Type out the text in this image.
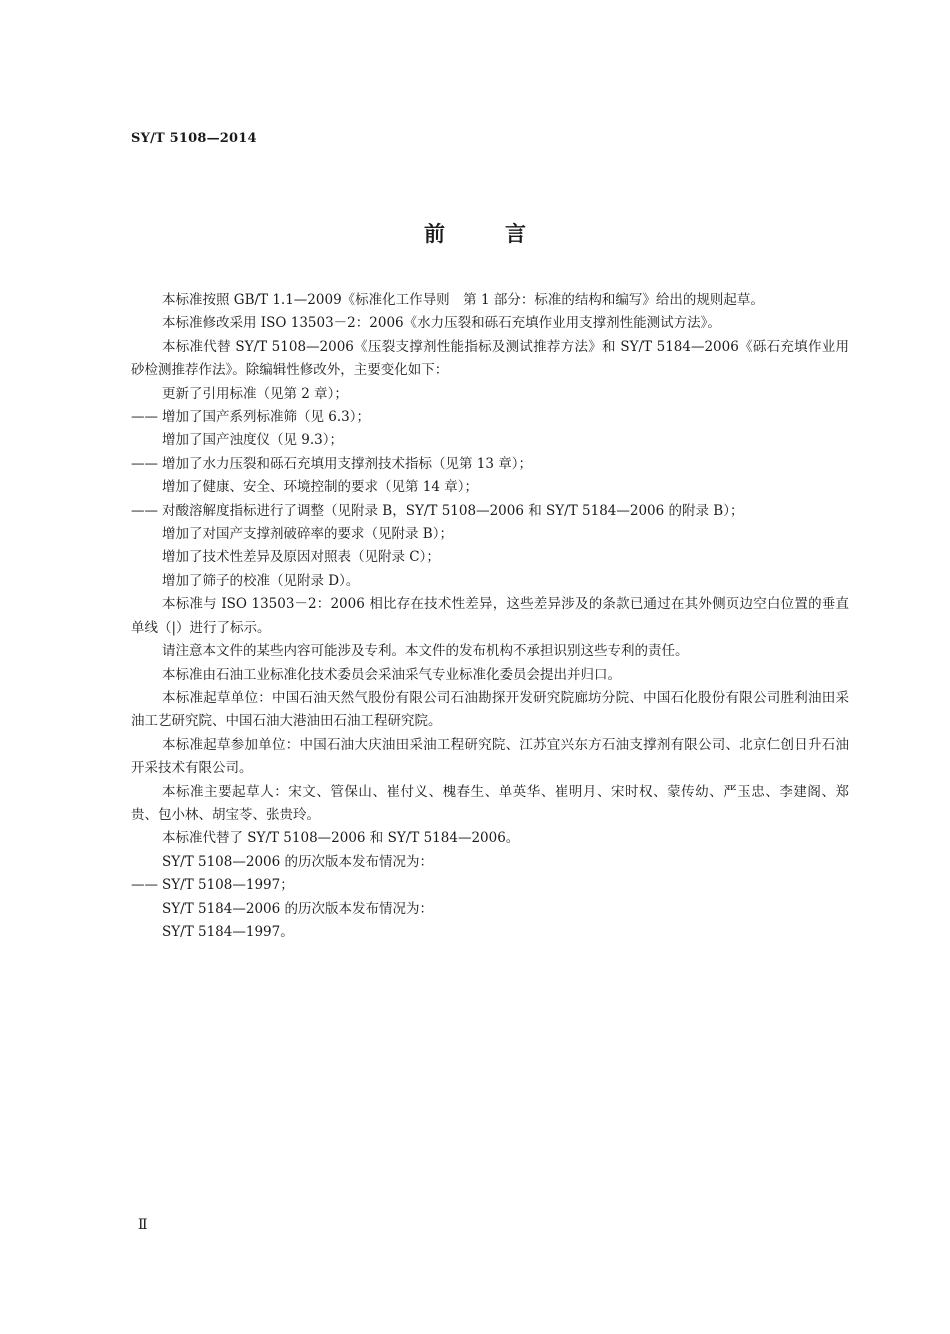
SY/T 5108—2014
前	言

本标准按照 GB/T 1.1—2009《标准化工作导则　第 1 部分：标准的结构和编写》给出的规则起草。

本标准修改采用 ISO 13503－2：2006《水力压裂和砾石充填作业用支撑剂性能测试方法》。

本标准代替 SY/T 5108—2006《压裂支撑剂性能指标及测试推荐方法》和 SY/T 5184—2006《砾石充填作业用砂检测推荐作法》。除编辑性修改外，主要变化如下：

更新了引用标准（见第 2 章）；

—— 增加了国产系列标准筛（见 6.3）；

增加了国产浊度仪（见 9.3）；

—— 增加了水力压裂和砾石充填用支撑剂技术指标（见第 13 章）；

增加了健康、安全、环境控制的要求（见第 14 章）；

—— 对酸溶解度指标进行了调整（见附录 B，SY/T 5108—2006 和 SY/T 5184—2006 的附录 B）；

增加了对国产支撑剂破碎率的要求（见附录 B）；

增加了技术性差异及原因对照表（见附录 C）；

增加了筛子的校准（见附录 D）。

本标准与 ISO 13503－2：2006 相比存在技术性差异，这些差异涉及的条款已通过在其外侧页边空白位置的垂直单线（|）进行了标示。

请注意本文件的某些内容可能涉及专利。本文件的发布机构不承担识别这些专利的责任。

本标准由石油工业标准化技术委员会采油采气专业标准化委员会提出并归口。

本标准起草单位：中国石油天然气股份有限公司石油勘探开发研究院廊坊分院、中国石化股份有限公司胜利油田采油工艺研究院、中国石油大港油田石油工程研究院。

本标准起草参加单位：中国石油大庆油田采油工程研究院、江苏宜兴东方石油支撑剂有限公司、北京仁创日升石油开采技术有限公司。

本标准主要起草人：宋文、管保山、崔付义、槐春生、单英华、崔明月、宋时权、蒙传幼、严玉忠、李建阁、郑贵、包小林、胡宝苓、张贵玲。

本标准代替了 SY/T 5108—2006 和 SY/T 5184—2006。

SY/T 5108—2006 的历次版本发布情况为：

—— SY/T 5108—1997；

SY/T 5184—2006 的历次版本发布情况为：

SY/T 5184—1997。

Ⅱ
